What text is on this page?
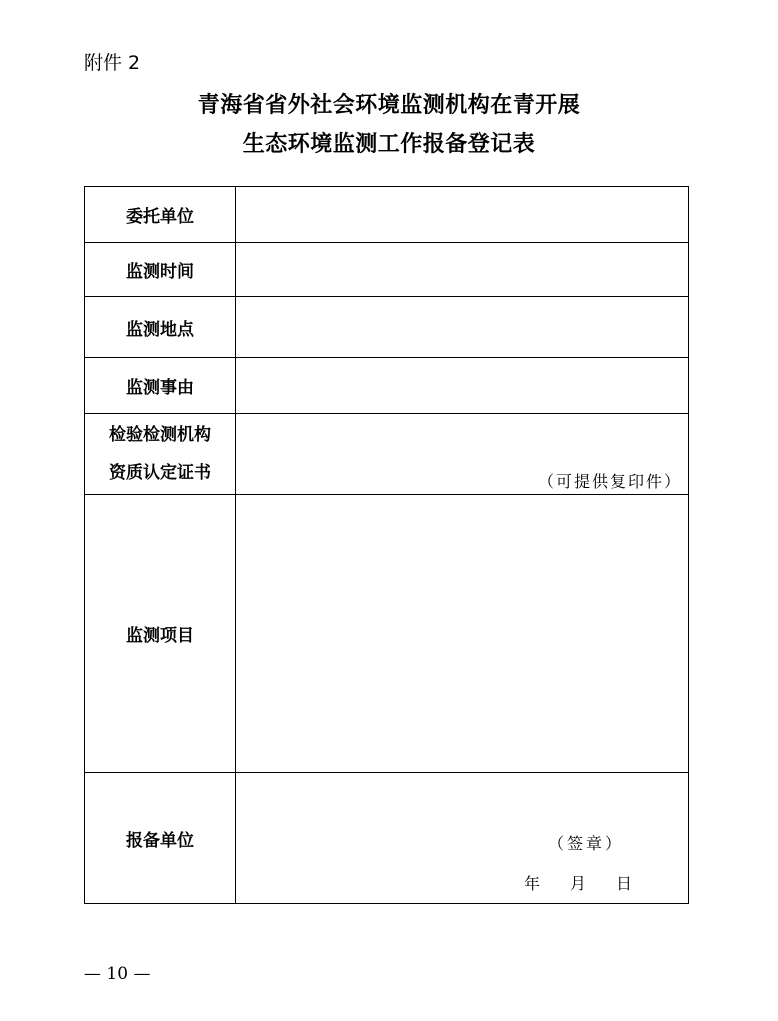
附件 2
青海省省外社会环境监测机构在青开展
生态环境监测工作报备登记表
委托单位	
监测时间	
监测地点	
监测事由	

检验检测机构
资质认定证书	（可提供复印件）

监测项目	
报备单位	（签章）
年 月 日
— 10 —
